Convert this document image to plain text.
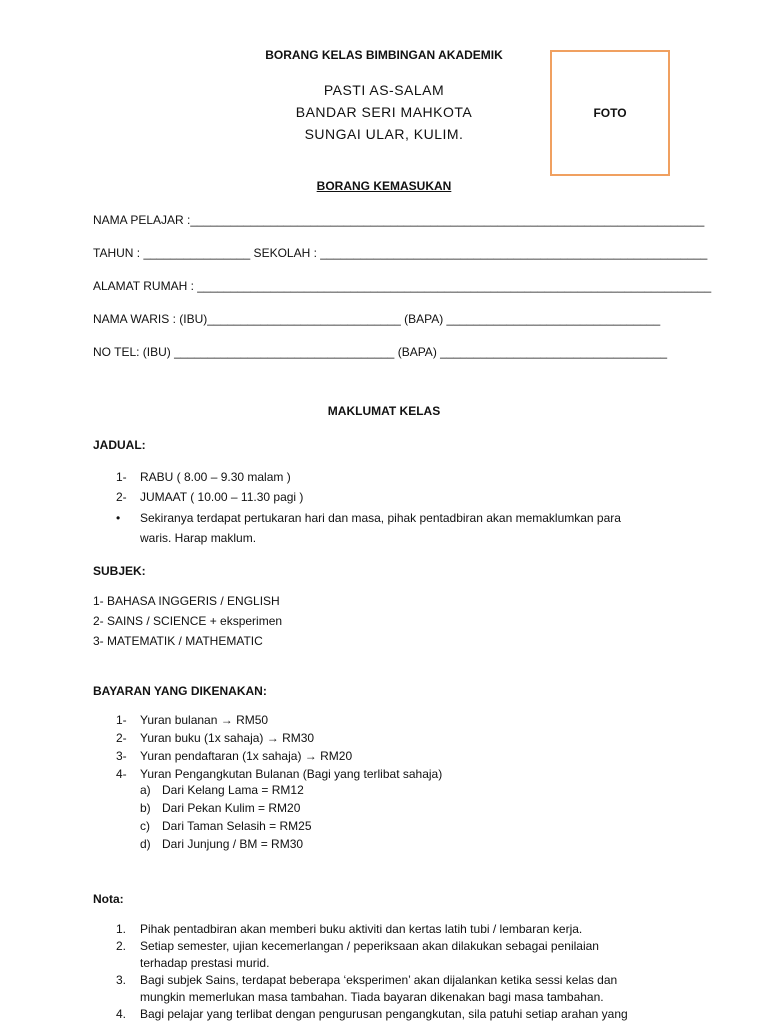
BORANG KELAS BIMBINGAN AKADEMIK
PASTI AS-SALAM
BANDAR SERI MAHKOTA
SUNGAI ULAR, KULIM.
FOTO
BORANG KEMASUKAN
NAMA PELAJAR :_____________________________________________________________________________
TAHUN : ________________ SEKOLAH : __________________________________________________________
ALAMAT RUMAH : _____________________________________________________________________________
NAMA WARIS : (IBU)_____________________________ (BAPA) ________________________________
NO TEL: (IBU) _________________________________ (BAPA) __________________________________
MAKLUMAT KELAS
JADUAL:
1- RABU ( 8.00 – 9.30 malam )
2- JUMAAT ( 10.00 – 11.30 pagi )
• Sekiranya terdapat pertukaran hari dan masa, pihak pentadbiran akan memaklumkan para
waris. Harap maklum.
SUBJEK:
1- BAHASA INGGERIS / ENGLISH
2- SAINS / SCIENCE + eksperimen
3- MATEMATIK / MATHEMATIC
BAYARAN YANG DIKENAKAN:
1- Yuran bulanan → RM50
2- Yuran buku (1x sahaja) → RM30
3- Yuran pendaftaran (1x sahaja) → RM20
4- Yuran Pengangkutan Bulanan (Bagi yang terlibat sahaja)
a) Dari Kelang Lama = RM12
b) Dari Pekan Kulim = RM20
c) Dari Taman Selasih = RM25
d) Dari Junjung / BM = RM30
Nota:
1. Pihak pentadbiran akan memberi buku aktiviti dan kertas latih tubi / lembaran kerja.
2. Setiap semester, ujian kecemerlangan / peperiksaan akan dilakukan sebagai penilaian
terhadap prestasi murid.
3. Bagi subjek Sains, terdapat beberapa ‘eksperimen’ akan dijalankan ketika sessi kelas dan
mungkin memerlukan masa tambahan. Tiada bayaran dikenakan bagi masa tambahan.
4. Bagi pelajar yang terlibat dengan pengurusan pengangkutan, sila patuhi setiap arahan yang
